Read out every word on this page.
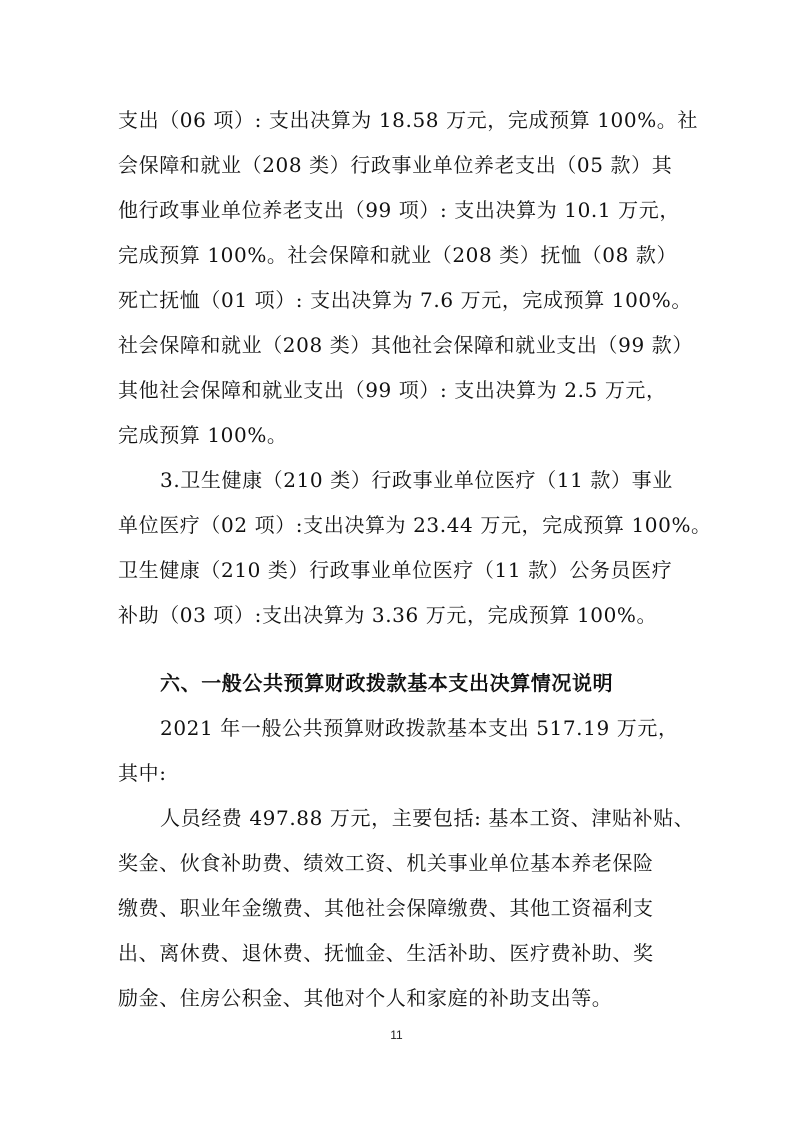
支出（06 项）: 支出决算为 18.58 万元，完成预算 100%。社
会保障和就业（208 类）行政事业单位养老支出（05 款）其
他行政事业单位养老支出（99 项）: 支出决算为 10.1 万元，
完成预算 100%。社会保障和就业（208 类）抚恤（08 款）
死亡抚恤（01 项）: 支出决算为 7.6 万元，完成预算 100%。
社会保障和就业（208 类）其他社会保障和就业支出（99 款）
其他社会保障和就业支出（99 项）: 支出决算为 2.5 万元，
完成预算 100%。
3.卫生健康（210 类）行政事业单位医疗（11 款）事业
单位医疗（02 项）:支出决算为 23.44 万元，完成预算 100%。
卫生健康（210 类）行政事业单位医疗（11 款）公务员医疗
补助（03 项）:支出决算为 3.36 万元，完成预算 100%。
六、一般公共预算财政拨款基本支出决算情况说明
2021 年一般公共预算财政拨款基本支出 517.19 万元，
其中:
人员经费 497.88 万元，主要包括: 基本工资、津贴补贴、
奖金、伙食补助费、绩效工资、机关事业单位基本养老保险
缴费、职业年金缴费、其他社会保障缴费、其他工资福利支
出、离休费、退休费、抚恤金、生活补助、医疗费补助、奖
励金、住房公积金、其他对个人和家庭的补助支出等。
11
